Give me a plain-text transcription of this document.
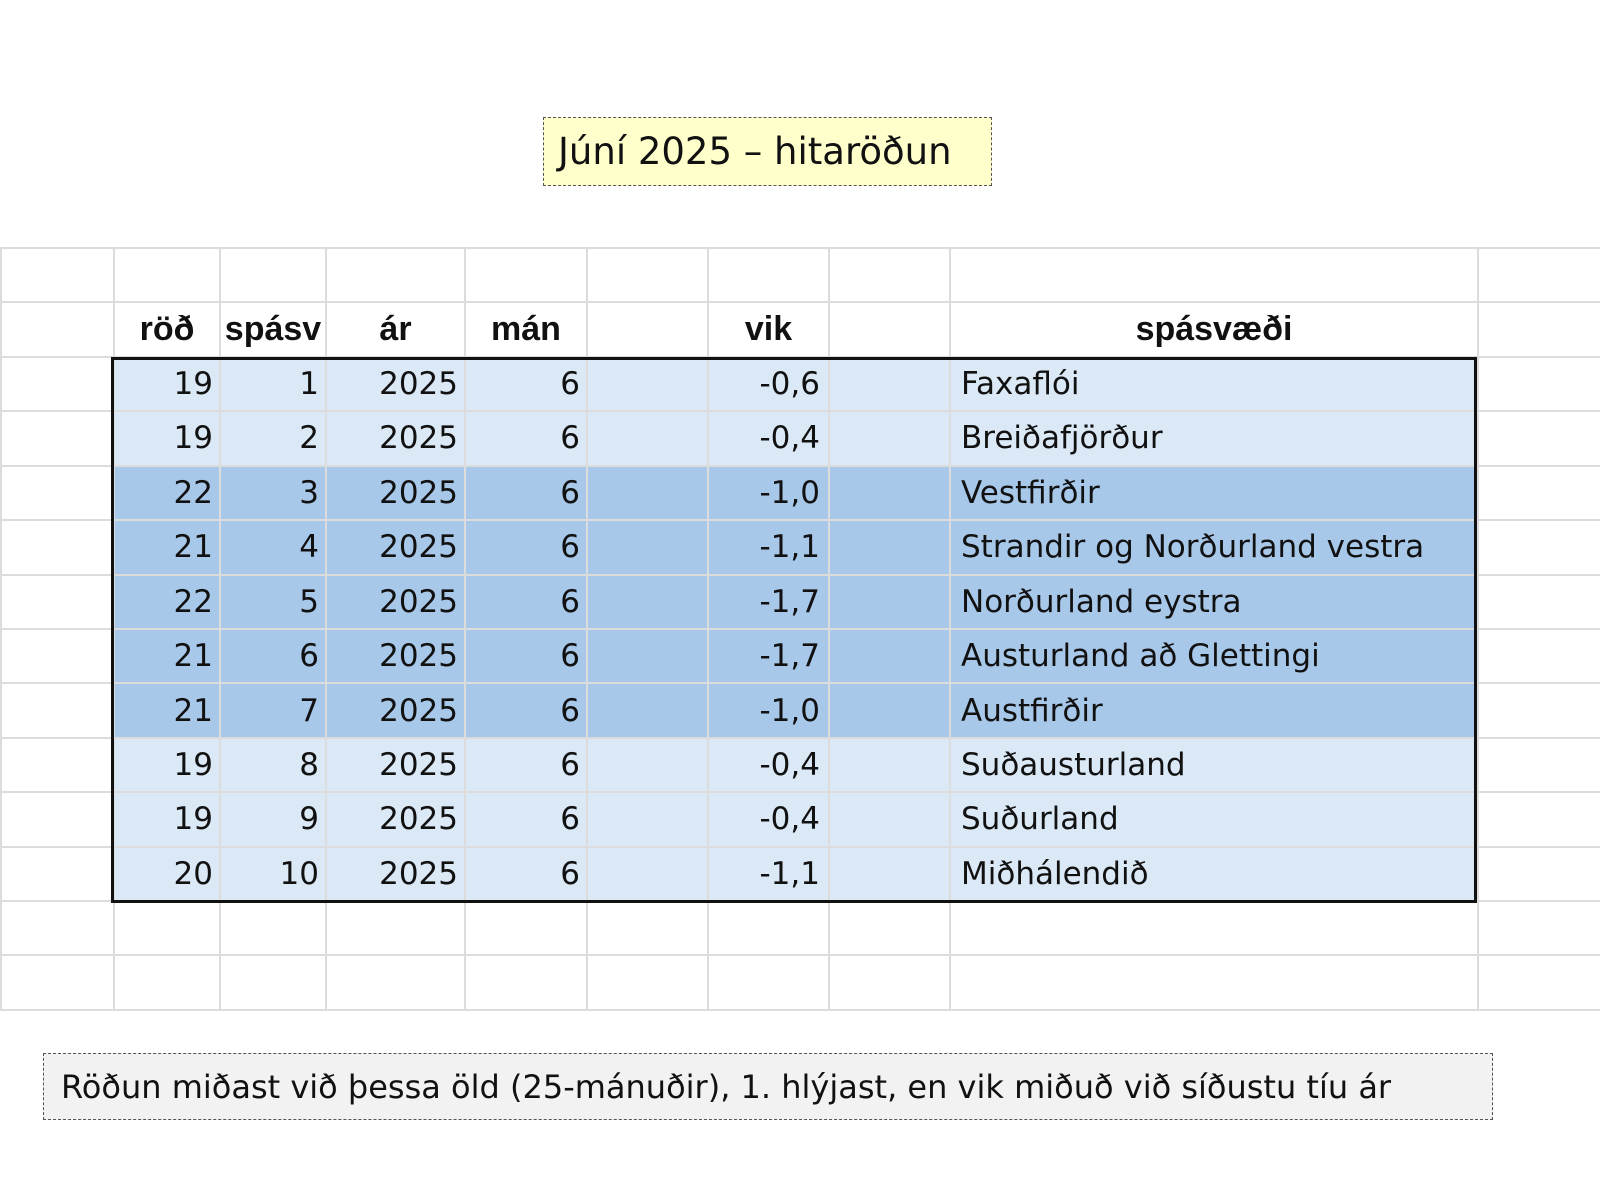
Júní 2025 – hitaröðun

	röð	spásv	ár	mán		vik		spásvæði	
	19	1	2025	6		-0,6		Faxaflói	
	19	2	2025	6		-0,4		Breiðafjörður	
	22	3	2025	6		-1,0		Vestfirðir	
	21	4	2025	6		-1,1		Strandir og Norðurland vestra	
	22	5	2025	6		-1,7		Norðurland eystra	
	21	6	2025	6		-1,7		Austurland að Glettingi	
	21	7	2025	6		-1,0		Austfirðir	
	19	8	2025	6		-0,4		Suðausturland	
	19	9	2025	6		-0,4		Suðurland	
	20	10	2025	6		-1,1		Miðhálendið	

Röðun miðast við þessa öld (25-mánuðir), 1. hlýjast, en vik miðuð við síðustu tíu ár
